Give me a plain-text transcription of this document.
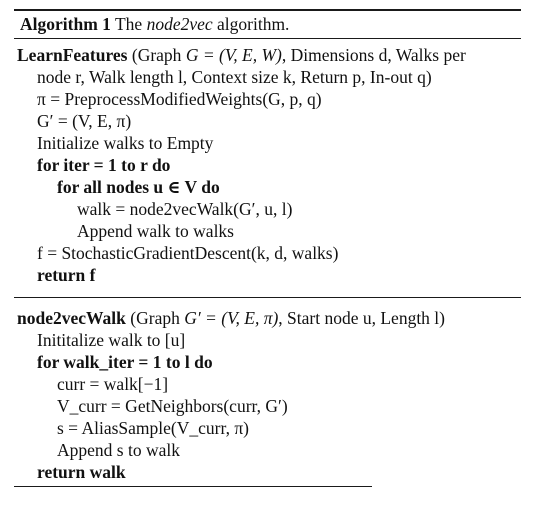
Algorithm 1 The node2vec algorithm.
LearnFeatures (Graph G = (V, E, W), Dimensions d, Walks per
node r, Walk length l, Context size k, Return p, In-out q)
π = PreprocessModifiedWeights(G, p, q)
G′ = (V, E, π)
Initialize walks to Empty
for iter = 1 to r do
for all nodes u ∈ V do
walk = node2vecWalk(G′, u, l)
Append walk to walks
f = StochasticGradientDescent(k, d, walks)
return f
node2vecWalk (Graph G′ = (V, E, π), Start node u, Length l)
Inititalize walk to [u]
for walk_iter = 1 to l do
curr = walk[−1]
V_curr = GetNeighbors(curr, G′)
s = AliasSample(V_curr, π)
Append s to walk
return walk
